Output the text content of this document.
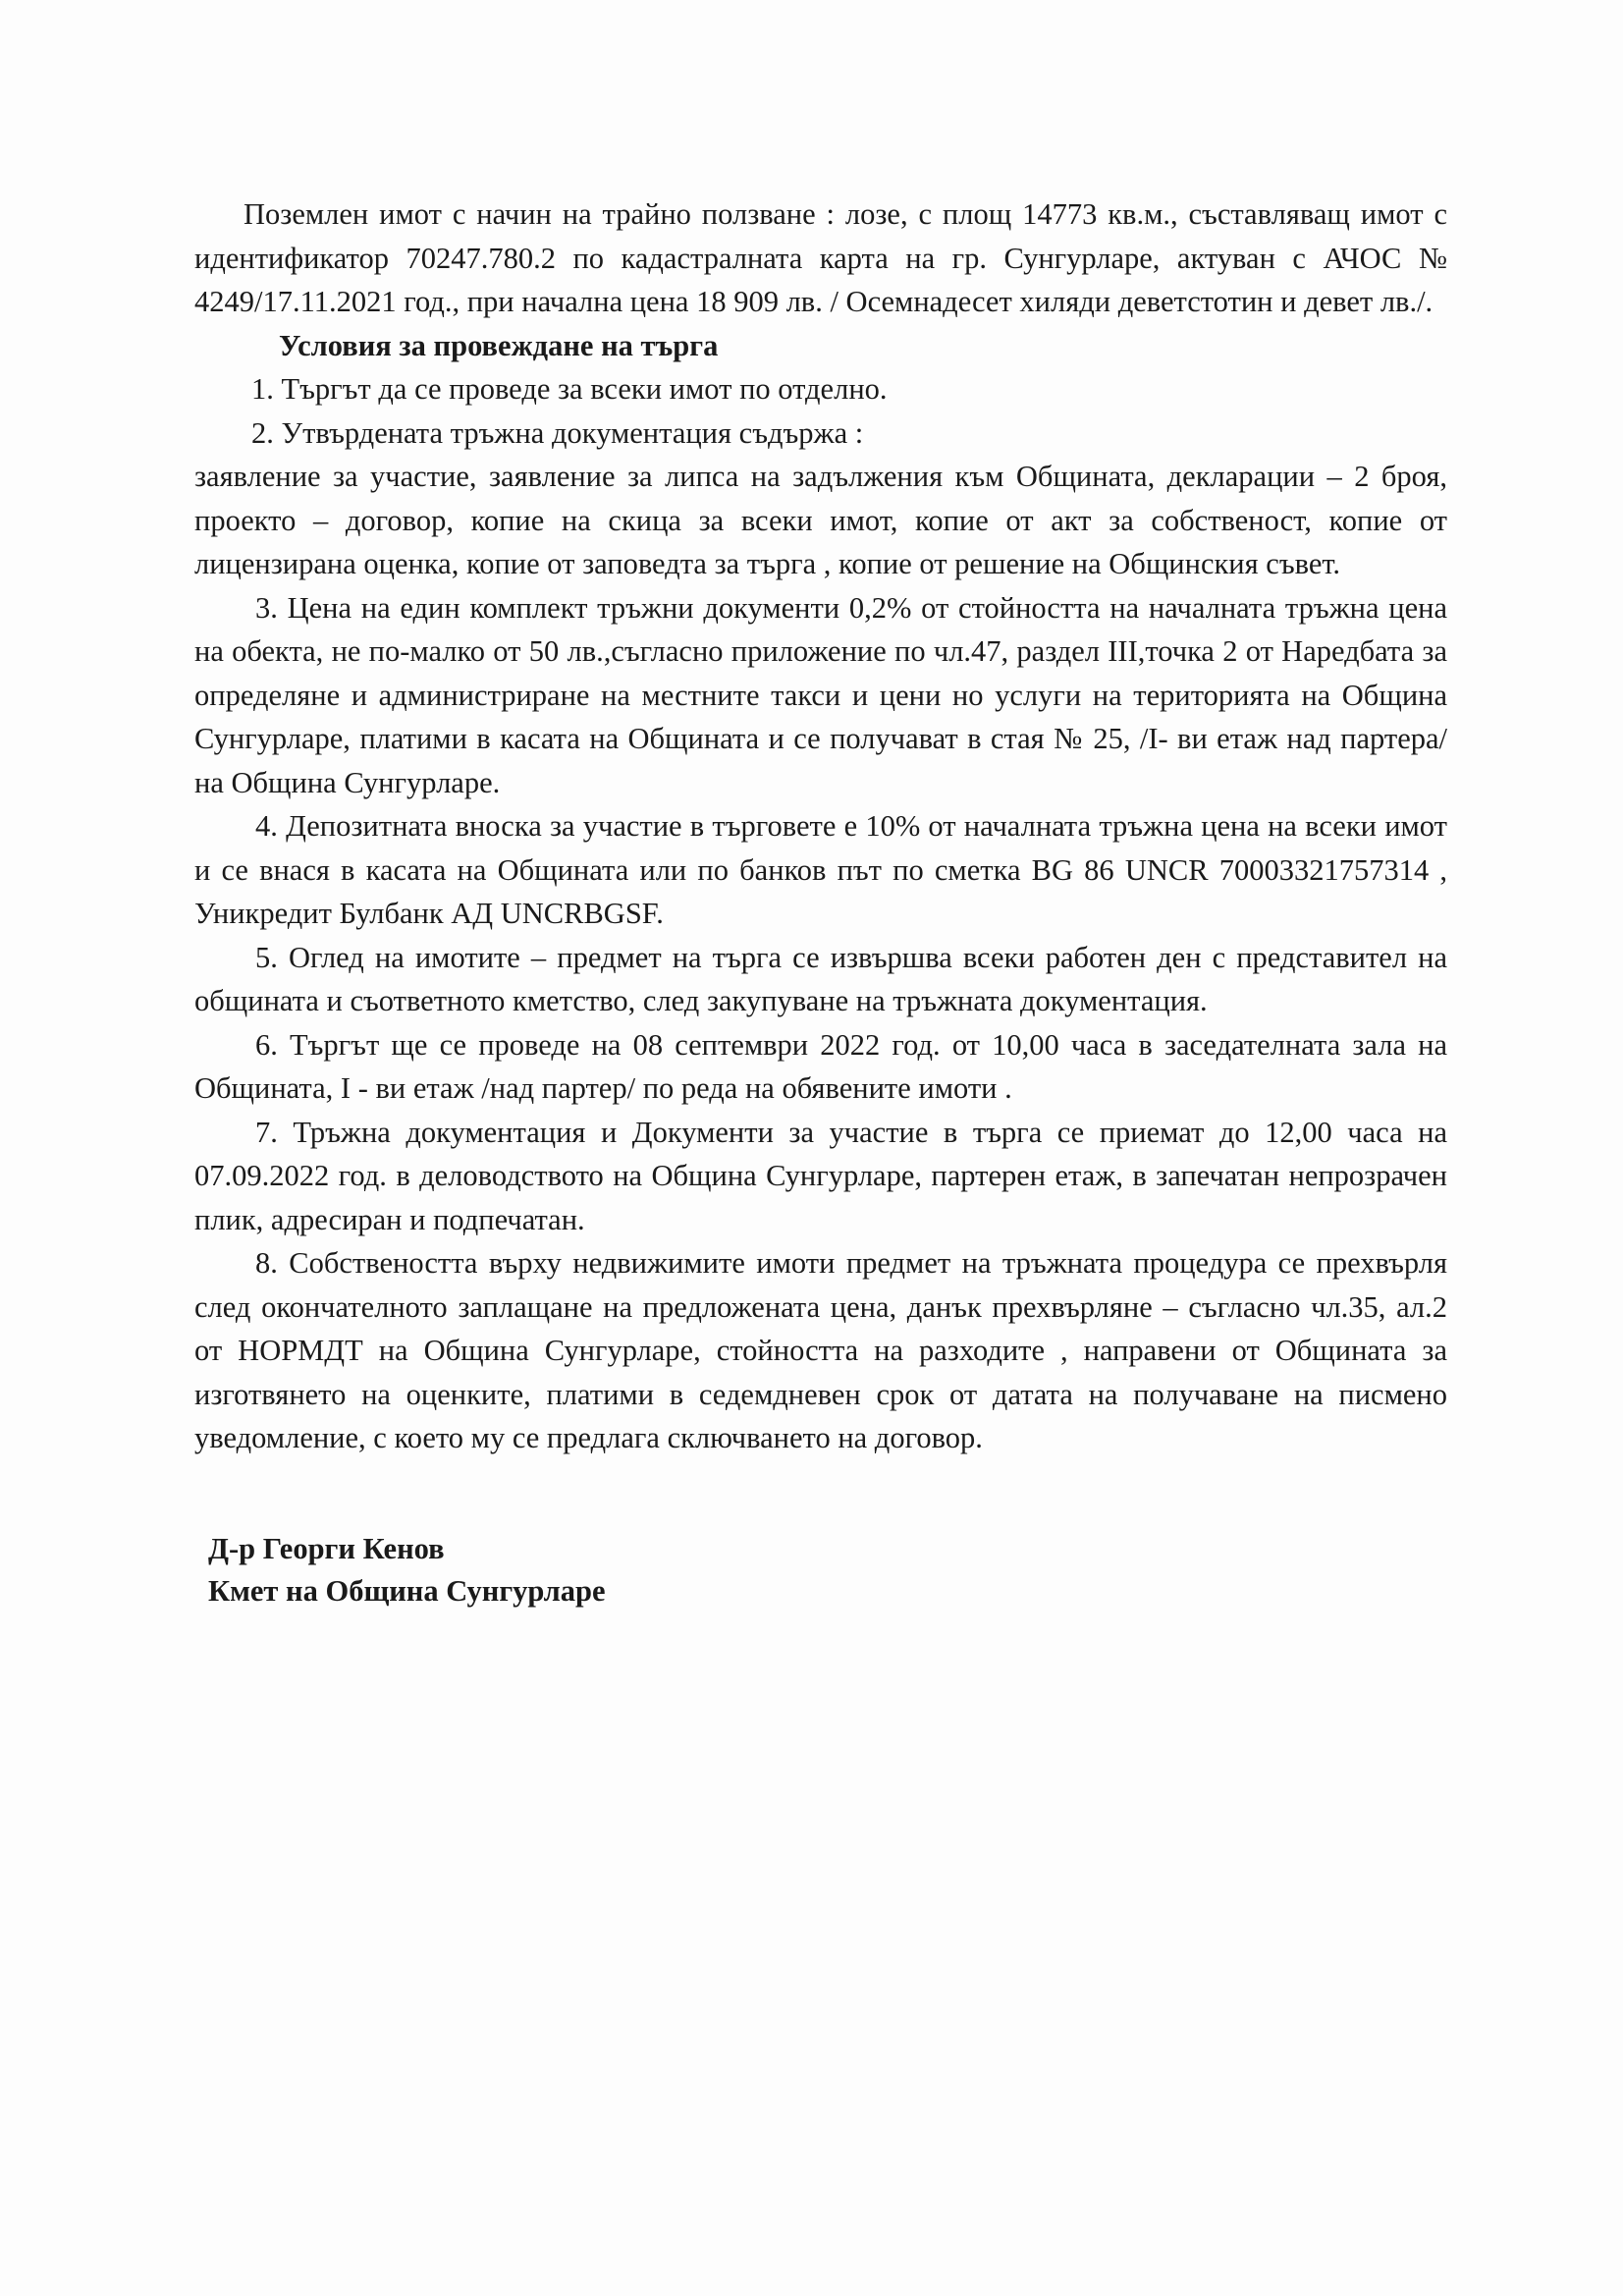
Поземлен имот с начин на трайно ползване : лозе, с площ 14773 кв.м., съставляващ имот с идентификатор 70247.780.2 по кадастралната карта на гр. Сунгурларе, актуван с АЧОС № 4249/17.11.2021 год., при начална цена 18 909 лв. / Осемнадесет хиляди деветстотин и девет лв./.

Условия за провеждане на търга

1. Търгът да се проведе за всеки имот по отделно.

2. Утвърдената тръжна документация съдържа :

заявление за участие, заявление за липса на задължения към Общината, декларации – 2 броя, проекто – договор, копие на скица за всеки имот, копие от акт за собственост, копие от лицензирана оценка, копие от заповедта за търга , копие от решение на Общинския съвет.

3. Цена на един комплект тръжни документи 0,2% от стойността на началната тръжна цена на обекта, не по-малко от 50 лв.,съгласно приложение по чл.47, раздел III,точка 2 от Наредбата за определяне и администриране на местните такси и цени но услуги на територията на Община Сунгурларе, платими в касата на Общината и се получават в стая № 25, /I- ви етаж над партера/ на Община Сунгурларе.

4. Депозитната вноска за участие в търговете е 10% от началната тръжна цена на всеки имот и се внася в касата на Общината или по банков път по сметка BG 86 UNCR 70003321757314 , Уникредит Булбанк АД UNCRBGSF.

5. Оглед на имотите – предмет на търга се извършва всеки работен ден с представител на общината и съответното кметство, след закупуване на тръжната документация.

6. Търгът ще се проведе на 08 септември 2022 год. от 10,00 часа в заседателната зала на Общината, I - ви етаж /над партер/ по реда на обявените имоти .

7. Тръжна документация и Документи за участие в търга се приемат до 12,00 часа на 07.09.2022 год. в деловодството на Община Сунгурларе, партерен етаж, в запечатан непрозрачен плик, адресиран и подпечатан.

8. Собствеността върху недвижимите имоти предмет на тръжната процедура се прехвърля след окончателното заплащане на предложената цена, данък прехвърляне – съгласно чл.35, ал.2 от НОРМДТ на Община Сунгурларе, стойността на разходите , направени от Общината за изготвянето на оценките, платими в седемдневен срок от датата на получаване на писмено уведомление, с което му се предлага сключването на договор.

Д-р Георги Кенов
Кмет на Община Сунгурларе
